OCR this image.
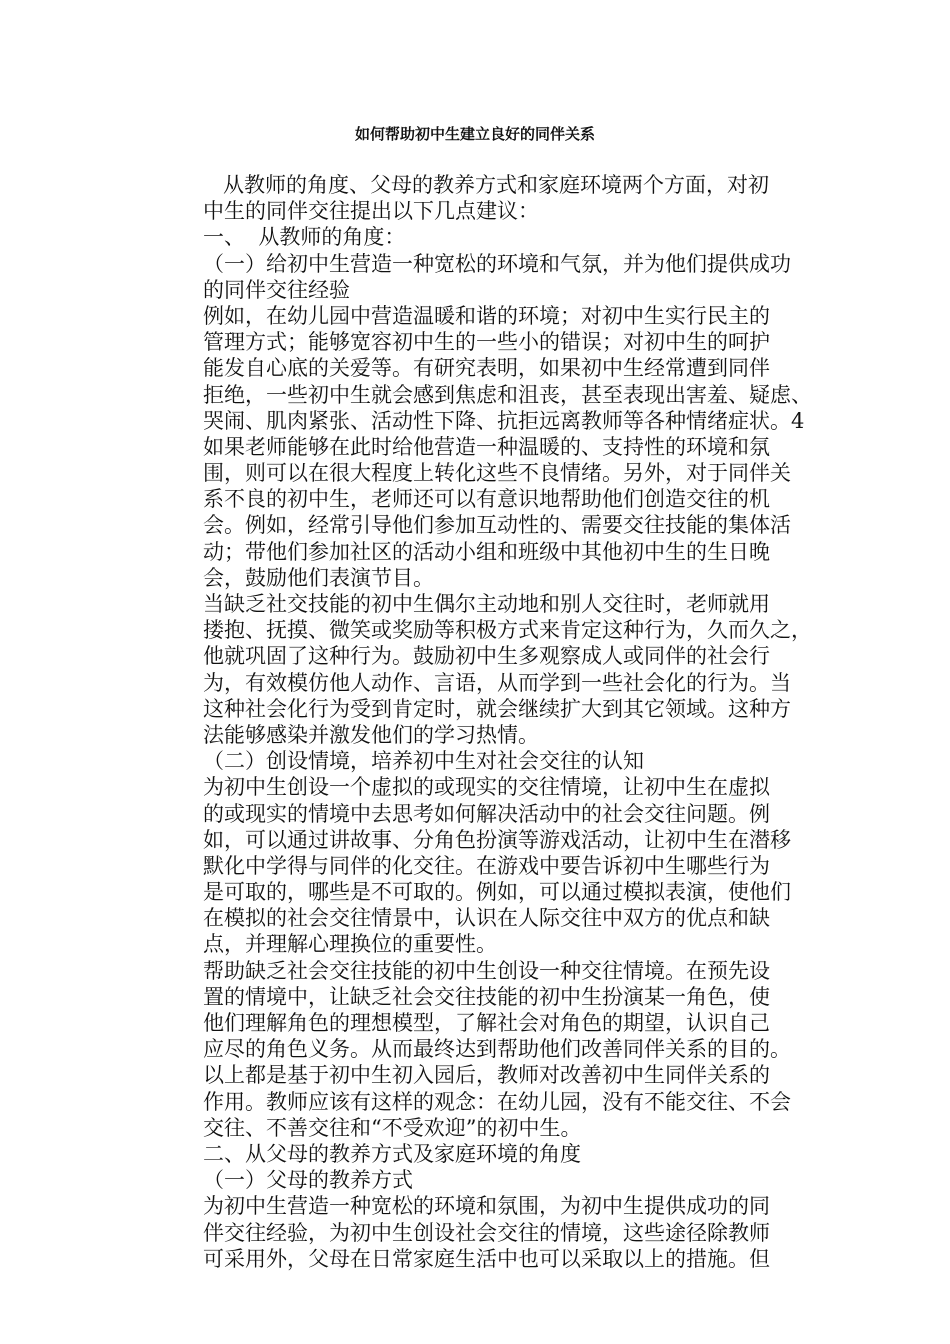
如何帮助初中生建立良好的同伴关系
从教师的角度、父母的教养方式和家庭环境两个方面，对初
中生的同伴交往提出以下几点建议：
一、  从教师的角度：
（一）给初中生营造一种宽松的环境和气氛，并为他们提供成功
的同伴交往经验
例如，在幼儿园中营造温暖和谐的环境；对初中生实行民主的
管理方式；能够宽容初中生的一些小的错误；对初中生的呵护
能发自心底的关爱等。有研究表明，如果初中生经常遭到同伴
拒绝，一些初中生就会感到焦虑和沮丧，甚至表现出害羞、疑虑、
哭闹、肌肉紧张、活动性下降、抗拒远离教师等各种情绪症状。4
如果老师能够在此时给他营造一种温暖的、支持性的环境和氛
围，则可以在很大程度上转化这些不良情绪。另外，对于同伴关
系不良的初中生，老师还可以有意识地帮助他们创造交往的机
会。例如，经常引导他们参加互动性的、需要交往技能的集体活
动；带他们参加社区的活动小组和班级中其他初中生的生日晚
会，鼓励他们表演节目。
当缺乏社交技能的初中生偶尔主动地和别人交往时，老师就用
搂抱、抚摸、微笑或奖励等积极方式来肯定这种行为，久而久之，
他就巩固了这种行为。鼓励初中生多观察成人或同伴的社会行
为，有效模仿他人动作、言语，从而学到一些社会化的行为。当
这种社会化行为受到肯定时，就会继续扩大到其它领域。这种方
法能够感染并激发他们的学习热情。
（二）创设情境，培养初中生对社会交往的认知
为初中生创设一个虚拟的或现实的交往情境，让初中生在虚拟
的或现实的情境中去思考如何解决活动中的社会交往问题。例
如，可以通过讲故事、分角色扮演等游戏活动，让初中生在潜移
默化中学得与同伴的化交往。在游戏中要告诉初中生哪些行为
是可取的，哪些是不可取的。例如，可以通过模拟表演，使他们
在模拟的社会交往情景中，认识在人际交往中双方的优点和缺
点，并理解心理换位的重要性。
帮助缺乏社会交往技能的初中生创设一种交往情境。在预先设
置的情境中，让缺乏社会交往技能的初中生扮演某一角色，使
他们理解角色的理想模型，了解社会对角色的期望，认识自己
应尽的角色义务。从而最终达到帮助他们改善同伴关系的目的。
以上都是基于初中生初入园后，教师对改善初中生同伴关系的
作用。教师应该有这样的观念：在幼儿园，没有不能交往、不会
交往、不善交往和“不受欢迎”的初中生。
二、从父母的教养方式及家庭环境的角度
（一）父母的教养方式
为初中生营造一种宽松的环境和氛围，为初中生提供成功的同
伴交往经验，为初中生创设社会交往的情境，这些途径除教师
可采用外，父母在日常家庭生活中也可以采取以上的措施。但
